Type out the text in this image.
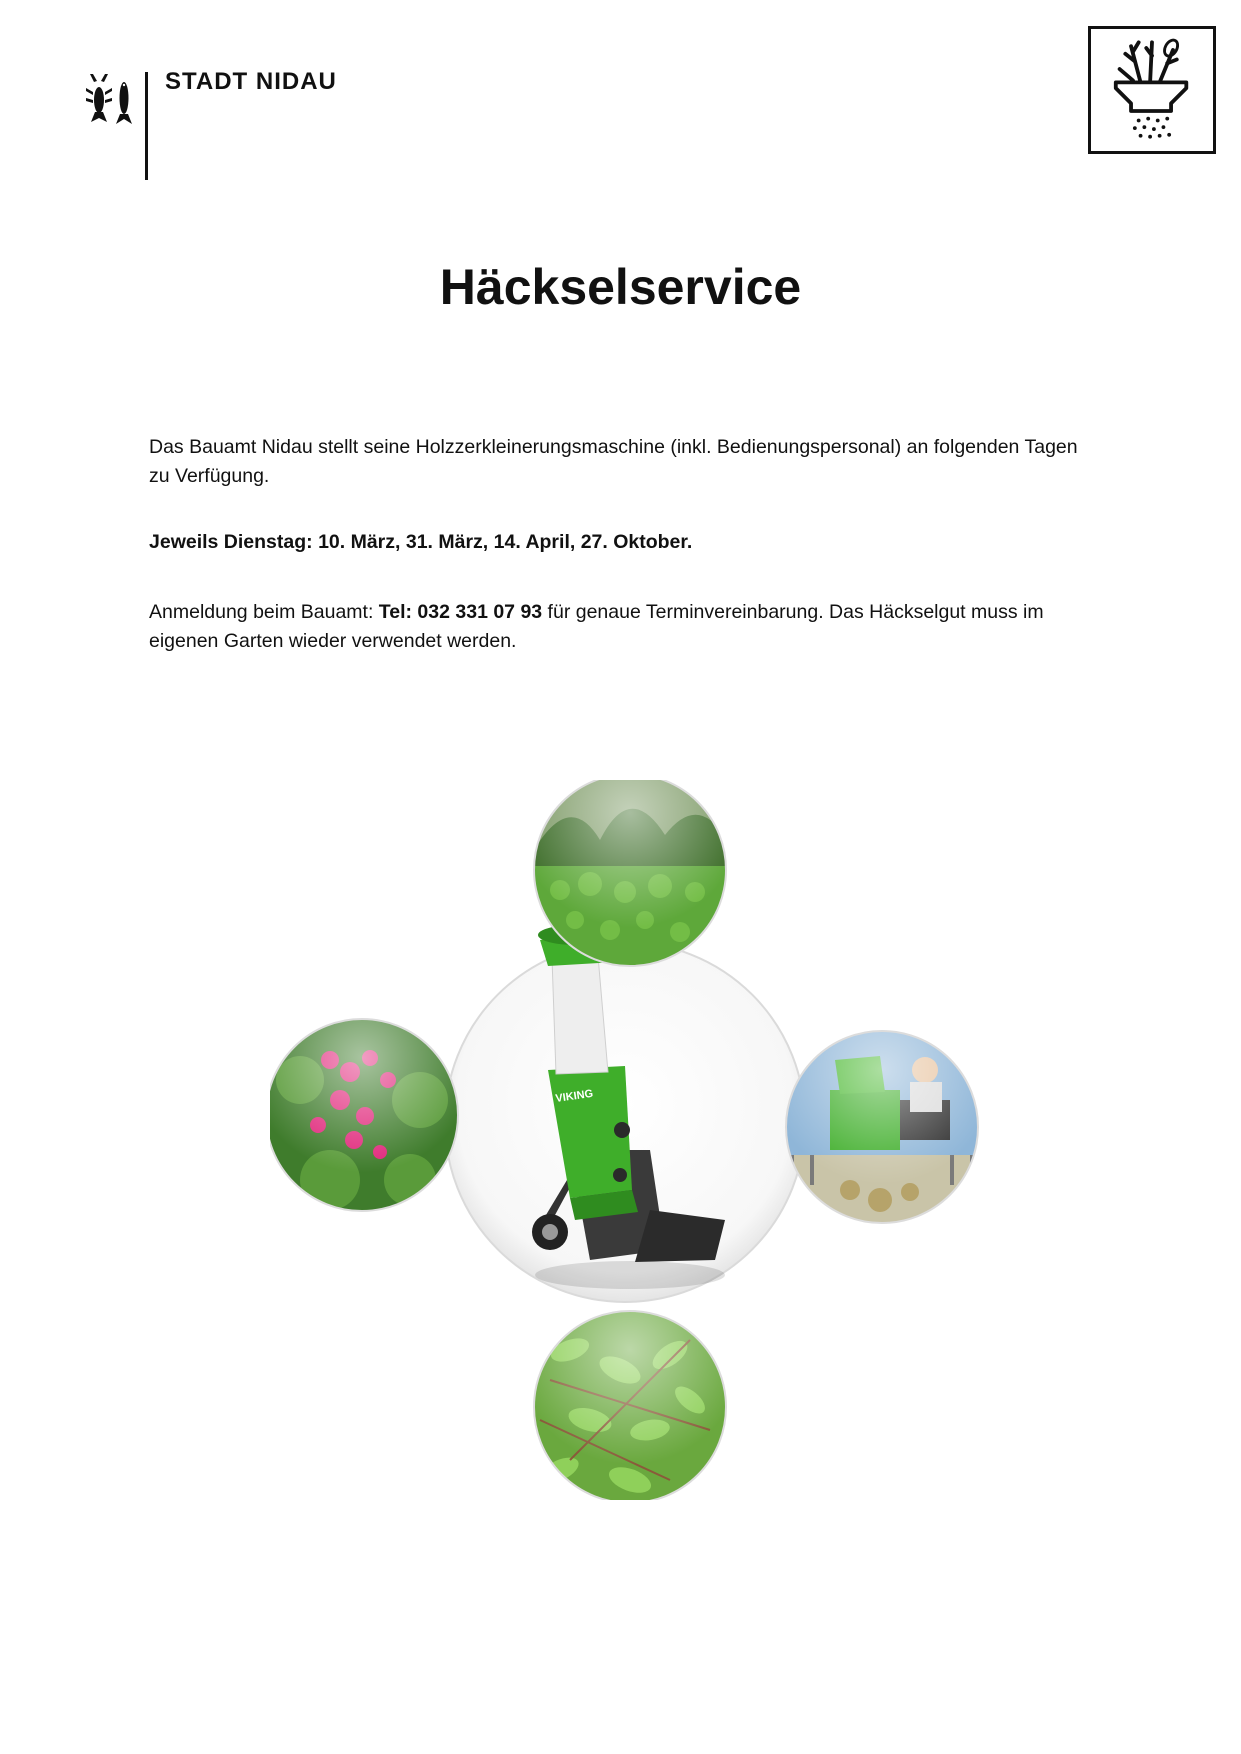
STADT NIDAU
Häckselservice

Das Bauamt Nidau stellt seine Holzzerkleinerungsmaschine (inkl. Bedienungspersonal) an folgenden Tagen zu Verfügung.

Jeweils Dienstag: 10. März, 31. März, 14. April, 27. Oktober.

Anmeldung beim Bauamt: Tel: 032 331 07 93 für genaue Terminvereinbarung. Das Häckselgut muss im eigenen Garten wieder verwendet werden.

VIKING
